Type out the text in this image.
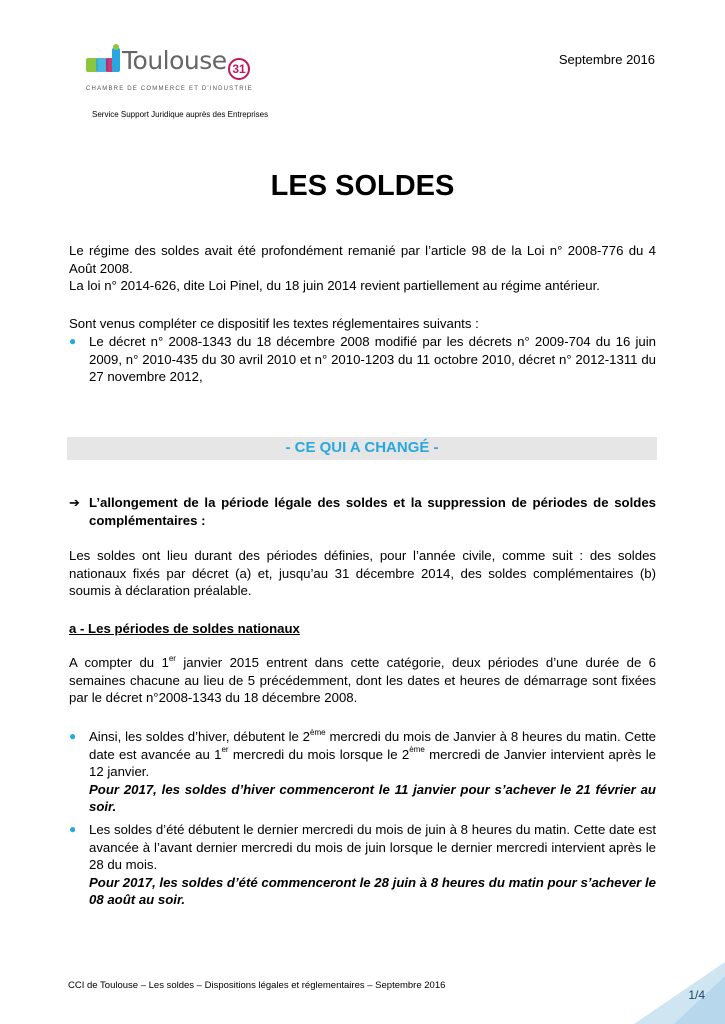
Toulouse 31
CHAMBRE DE COMMERCE ET D'INDUSTRIE
Septembre 2016
Service Support Juridique auprès des Entreprises
LES SOLDES
Le régime des soldes avait été profondément remanié par l’article 98 de la Loi n° 2008-776 du 4 Août 2008.
La loi n° 2014-626, dite Loi Pinel, du 18 juin 2014 revient partiellement au régime antérieur.
Sont venus compléter ce dispositif les textes réglementaires suivants :
● Le décret n° 2008-1343 du 18 décembre 2008 modifié par les décrets n° 2009-704 du 16 juin 2009, n° 2010-435 du 30 avril 2010 et n° 2010-1203 du 11 octobre 2010, décret n° 2012-1311 du 27 novembre 2012,
- CE QUI A CHANGÉ -
➔ L’allongement de la période légale des soldes et la suppression de périodes de soldes complémentaires :
Les soldes ont lieu durant des périodes définies, pour l’année civile, comme suit : des soldes nationaux fixés par décret (a) et, jusqu’au 31 décembre 2014, des soldes complémentaires (b) soumis à déclaration préalable.
a - Les périodes de soldes nationaux
A compter du 1er janvier 2015 entrent dans cette catégorie, deux périodes d’une durée de 6 semaines chacune au lieu de 5 précédemment, dont les dates et heures de démarrage sont fixées par le décret n°2008-1343 du 18 décembre 2008.
● Ainsi, les soldes d’hiver, débutent le 2ème mercredi du mois de Janvier à 8 heures du matin. Cette date est avancée au 1er mercredi du mois lorsque le 2ème mercredi de Janvier intervient après le 12 janvier.
Pour 2017, les soldes d’hiver commenceront le 11 janvier pour s’achever le 21 février au soir.
● Les soldes d’été débutent le dernier mercredi du mois de juin à 8 heures du matin. Cette date est avancée à l’avant dernier mercredi du mois de juin lorsque le dernier mercredi intervient après le 28 du mois.
Pour 2017, les soldes d’été commenceront le 28 juin à 8 heures du matin pour s’achever le 08 août au soir.
CCI de Toulouse – Les soldes – Dispositions légales et réglementaires – Septembre 2016
1/4
